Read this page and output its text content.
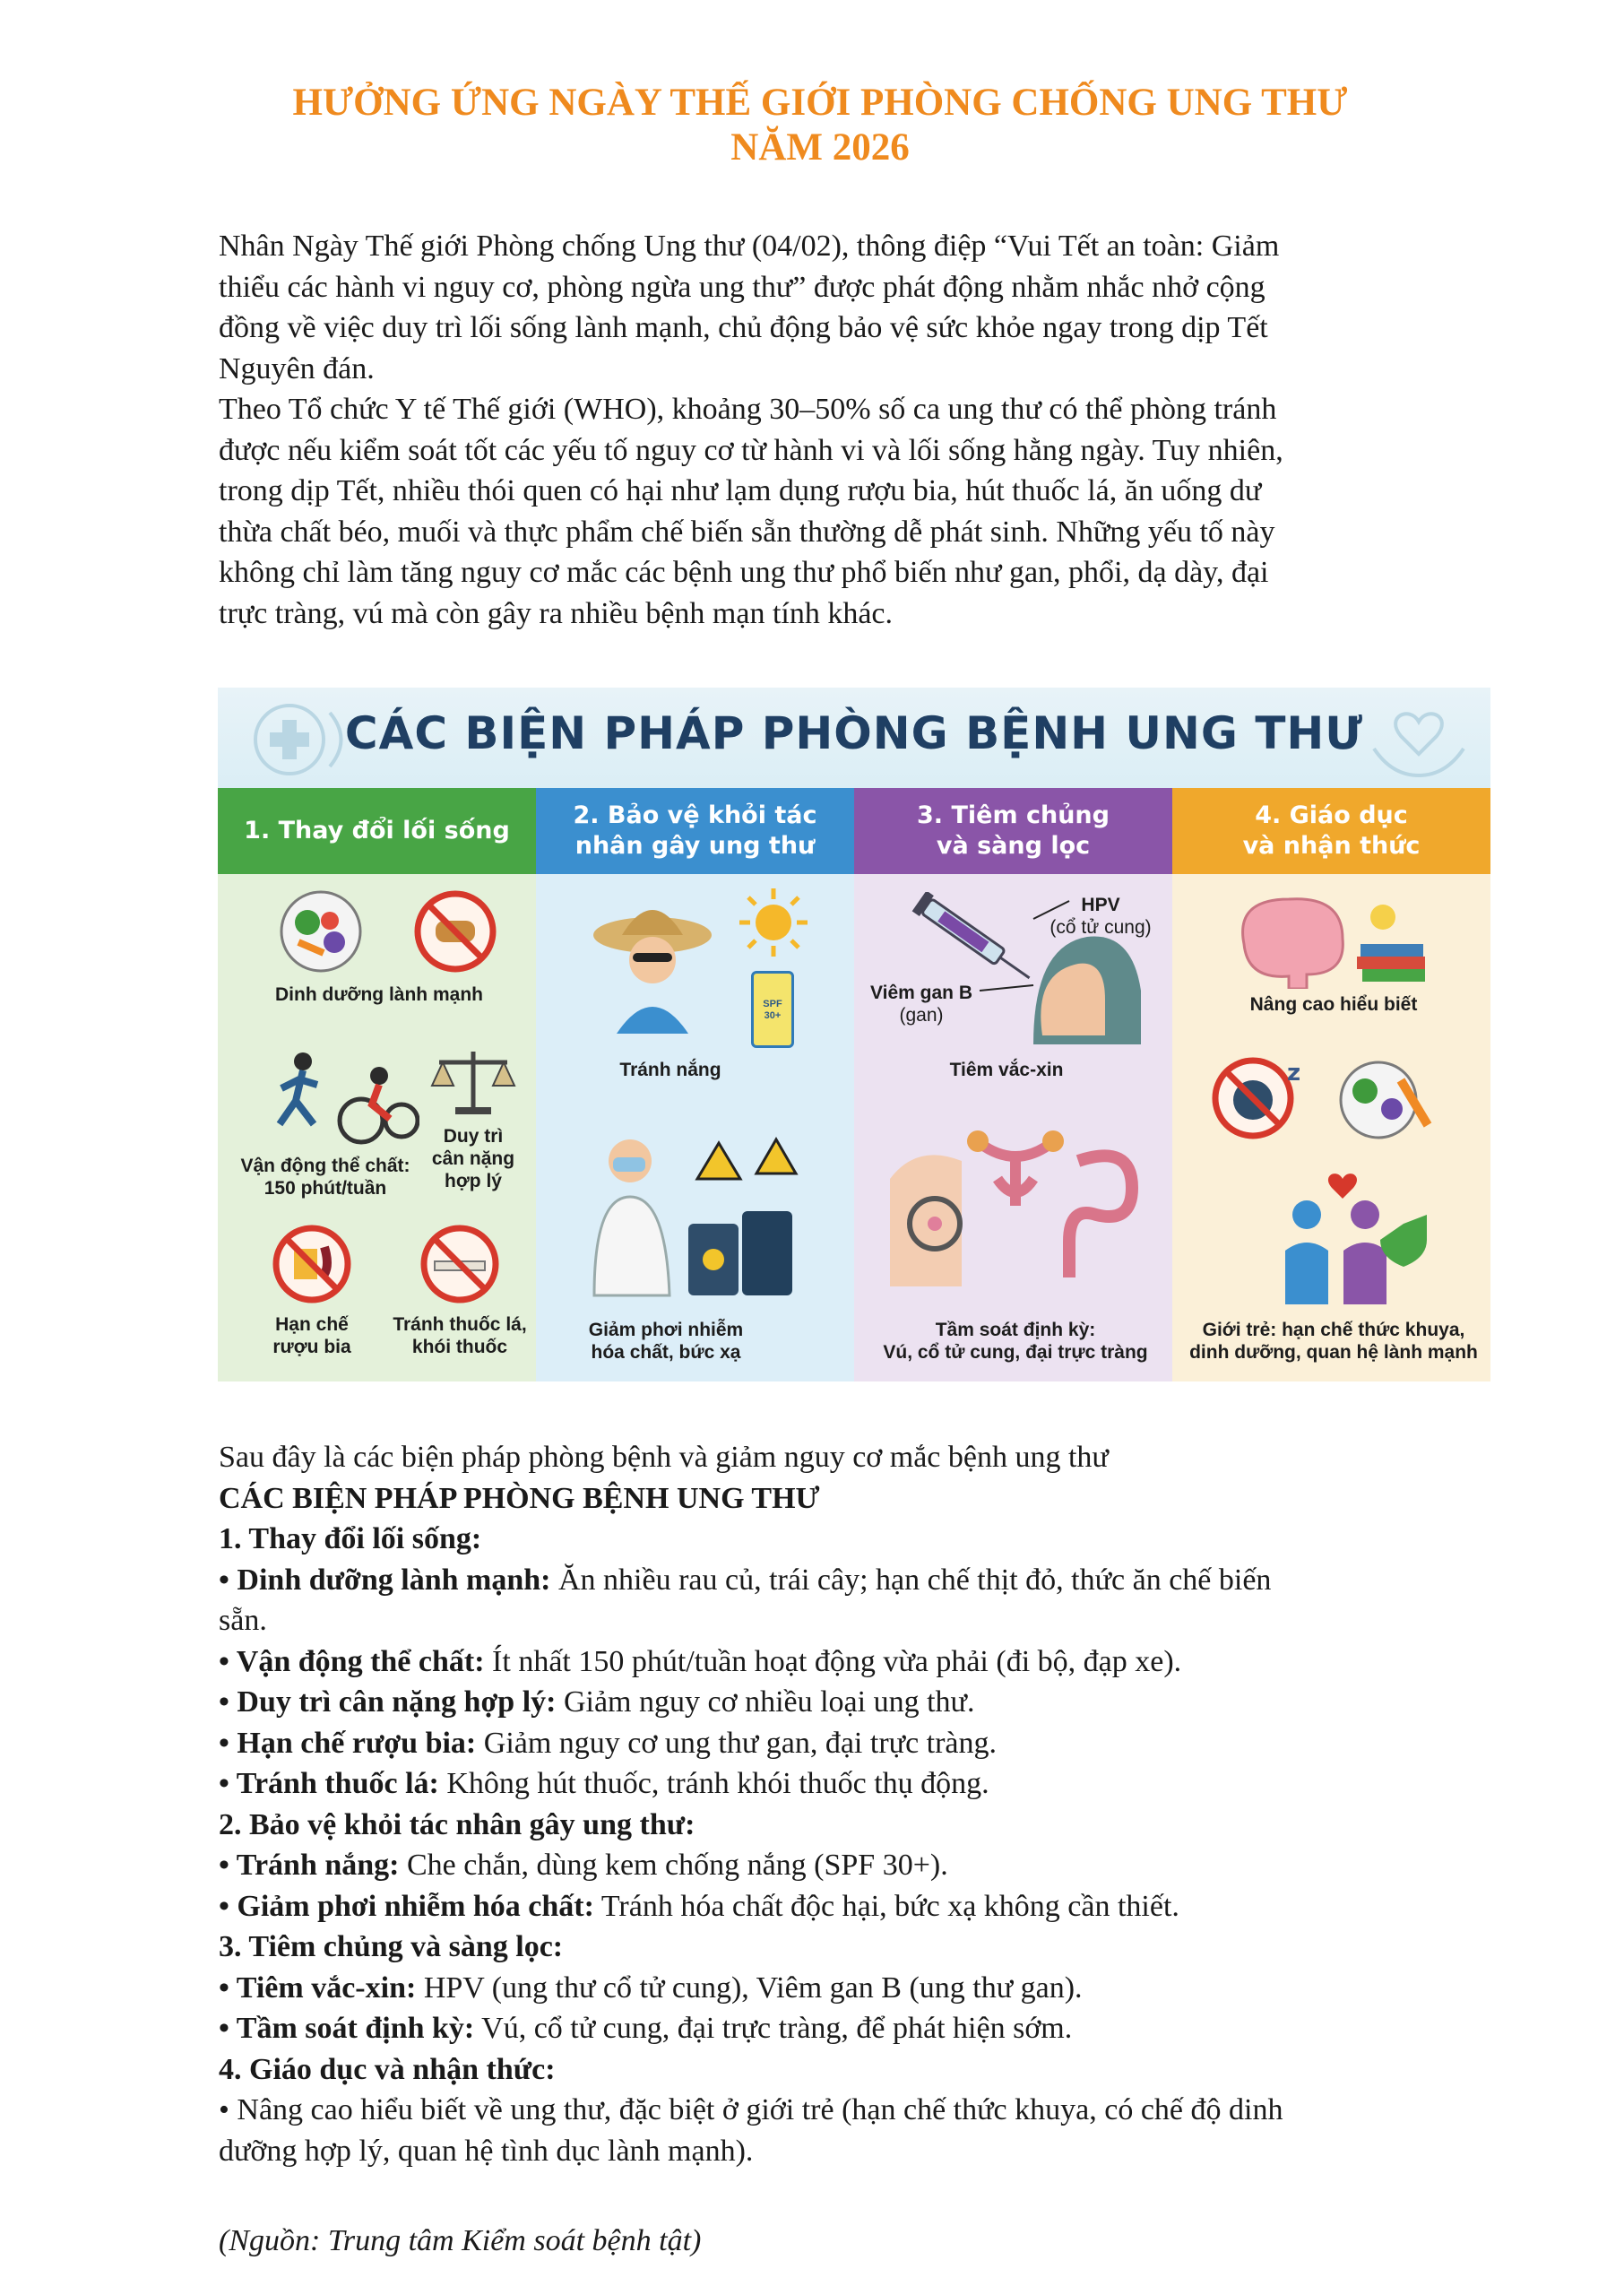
HƯỞNG ỨNG NGÀY THẾ GIỚI PHÒNG CHỐNG UNG THƯ
NĂM 2026

Nhân Ngày Thế giới Phòng chống Ung thư (04/02), thông điệp “Vui Tết an toàn: Giảm

thiểu các hành vi nguy cơ, phòng ngừa ung thư” được phát động nhằm nhắc nhở cộng

đồng về việc duy trì lối sống lành mạnh, chủ động bảo vệ sức khỏe ngay trong dịp Tết

Nguyên đán.

Theo Tổ chức Y tế Thế giới (WHO), khoảng 30–50% số ca ung thư có thể phòng tránh

được nếu kiểm soát tốt các yếu tố nguy cơ từ hành vi và lối sống hằng ngày. Tuy nhiên,

trong dịp Tết, nhiều thói quen có hại như lạm dụng rượu bia, hút thuốc lá, ăn uống dư

thừa chất béo, muối và thực phẩm chế biến sẵn thường dễ phát sinh. Những yếu tố này

không chỉ làm tăng nguy cơ mắc các bệnh ung thư phổ biến như gan, phổi, dạ dày, đại

trực tràng, vú mà còn gây ra nhiều bệnh mạn tính khác.

CÁC BIỆN PHÁP PHÒNG BỆNH UNG THƯ
1. Thay đổi lối sống
Dinh dưỡng lành mạnh
Vận động thể chất:
150 phút/tuần
Duy trì
cân nặng
hợp lý
Hạn chế
rượu bia
Tránh thuốc lá,
khói thuốc
2. Bảo vệ khỏi tác
nhân gây ung thư
SPF 30+
Tránh nắng
Giảm phơi nhiễm
hóa chất, bức xạ
3. Tiêm chủng
và sàng lọc
HPV
(cổ tử cung)
Viêm gan B
(gan)
Tiêm vắc-xin
Tầm soát định kỳ:
Vú, cổ tử cung, đại trực tràng
4. Giáo dục
và nhận thức
Nâng cao hiểu biết
z
Giới trẻ: hạn chế thức khuya,
dinh dưỡng, quan hệ lành mạnh
Sau đây là các biện pháp phòng bệnh và giảm nguy cơ mắc bệnh ung thư
CÁC BIỆN PHÁP PHÒNG BỆNH UNG THƯ
1. Thay đổi lối sống:
• Dinh dưỡng lành mạnh: Ăn nhiều rau củ, trái cây; hạn chế thịt đỏ, thức ăn chế biến
sẵn.
• Vận động thể chất: Ít nhất 150 phút/tuần hoạt động vừa phải (đi bộ, đạp xe).
• Duy trì cân nặng hợp lý: Giảm nguy cơ nhiều loại ung thư.
• Hạn chế rượu bia: Giảm nguy cơ ung thư gan, đại trực tràng.
• Tránh thuốc lá: Không hút thuốc, tránh khói thuốc thụ động.
2. Bảo vệ khỏi tác nhân gây ung thư:
• Tránh nắng: Che chắn, dùng kem chống nắng (SPF 30+).
• Giảm phơi nhiễm hóa chất: Tránh hóa chất độc hại, bức xạ không cần thiết.
3. Tiêm chủng và sàng lọc:
• Tiêm vắc-xin: HPV (ung thư cổ tử cung), Viêm gan B (ung thư gan).
• Tầm soát định kỳ: Vú, cổ tử cung, đại trực tràng, để phát hiện sớm.
4. Giáo dục và nhận thức:
• Nâng cao hiểu biết về ung thư, đặc biệt ở giới trẻ (hạn chế thức khuya, có chế độ dinh
dưỡng hợp lý, quan hệ tình dục lành mạnh).
(Nguồn: Trung tâm Kiểm soát bệnh tật)
